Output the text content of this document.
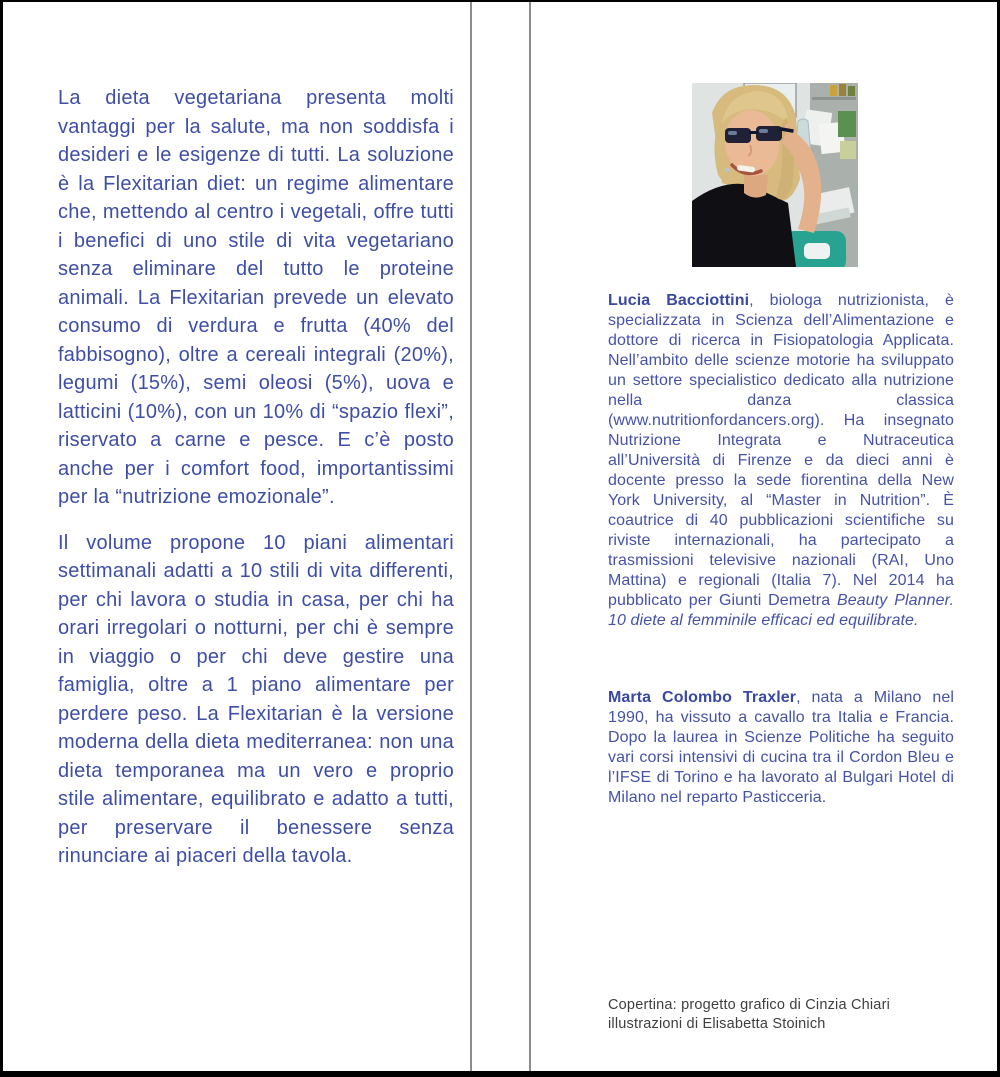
La dieta vegetariana presenta molti vantaggi per la salute, ma non soddisfa i desideri e le esigenze di tutti. La soluzione è la Flexitarian diet: un regime alimentare che, mettendo al centro i vegetali, offre tutti i benefici di uno stile di vita vegetariano senza eliminare del tutto le proteine animali. La Flexitarian prevede un elevato consumo di verdura e frutta (40% del fabbisogno), oltre a cereali integrali (20%), legumi (15%), semi oleosi (5%), uova e latticini (10%), con un 10% di “spazio flexi”, riservato a carne e pesce. E c’è posto anche per i comfort food, importantissimi per la “nutrizione emozionale”.

Il volume propone 10 piani alimentari settimanali adatti a 10 stili di vita differenti, per chi lavora o studia in casa, per chi ha orari irregolari o notturni, per chi è sempre in viaggio o per chi deve gestire una famiglia, oltre a 1 piano alimentare per perdere peso. La Flexitarian è la versione moderna della dieta mediterranea: non una dieta temporanea ma un vero e proprio stile alimentare, equilibrato e adatto a tutti, per preservare il benessere senza rinunciare ai piaceri della tavola.

Lucia Bacciottini, biologa nutrizionista, è specializzata in Scienza dell’Alimentazione e dottore di ricerca in Fisiopatologia Applicata. Nell’ambito delle scienze motorie ha sviluppato un settore specialistico dedicato alla nutrizione nella danza classica (www.nutritionfordancers.org). Ha insegnato Nutrizione Integrata e Nutraceutica all’Università di Firenze e da dieci anni è docente presso la sede fiorentina della New York University, al “Master in Nutrition”. È coautrice di 40 pubblicazioni scientifiche su riviste internazionali, ha partecipato a trasmissioni televisive nazionali (RAI, Uno Mattina) e regionali (Italia 7). Nel 2014 ha pubblicato per Giunti Demetra Beauty Planner. 10 diete al femminile efficaci ed equilibrate.
Marta Colombo Traxler, nata a Milano nel 1990, ha vissuto a cavallo tra Italia e Francia. Dopo la laurea in Scienze Politiche ha seguito vari corsi intensivi di cucina tra il Cordon Bleu e l’IFSE di Torino e ha lavorato al Bulgari Hotel di Milano nel reparto Pasticceria.
Copertina: progetto grafico di Cinzia Chiari
illustrazioni di Elisabetta Stoinich
